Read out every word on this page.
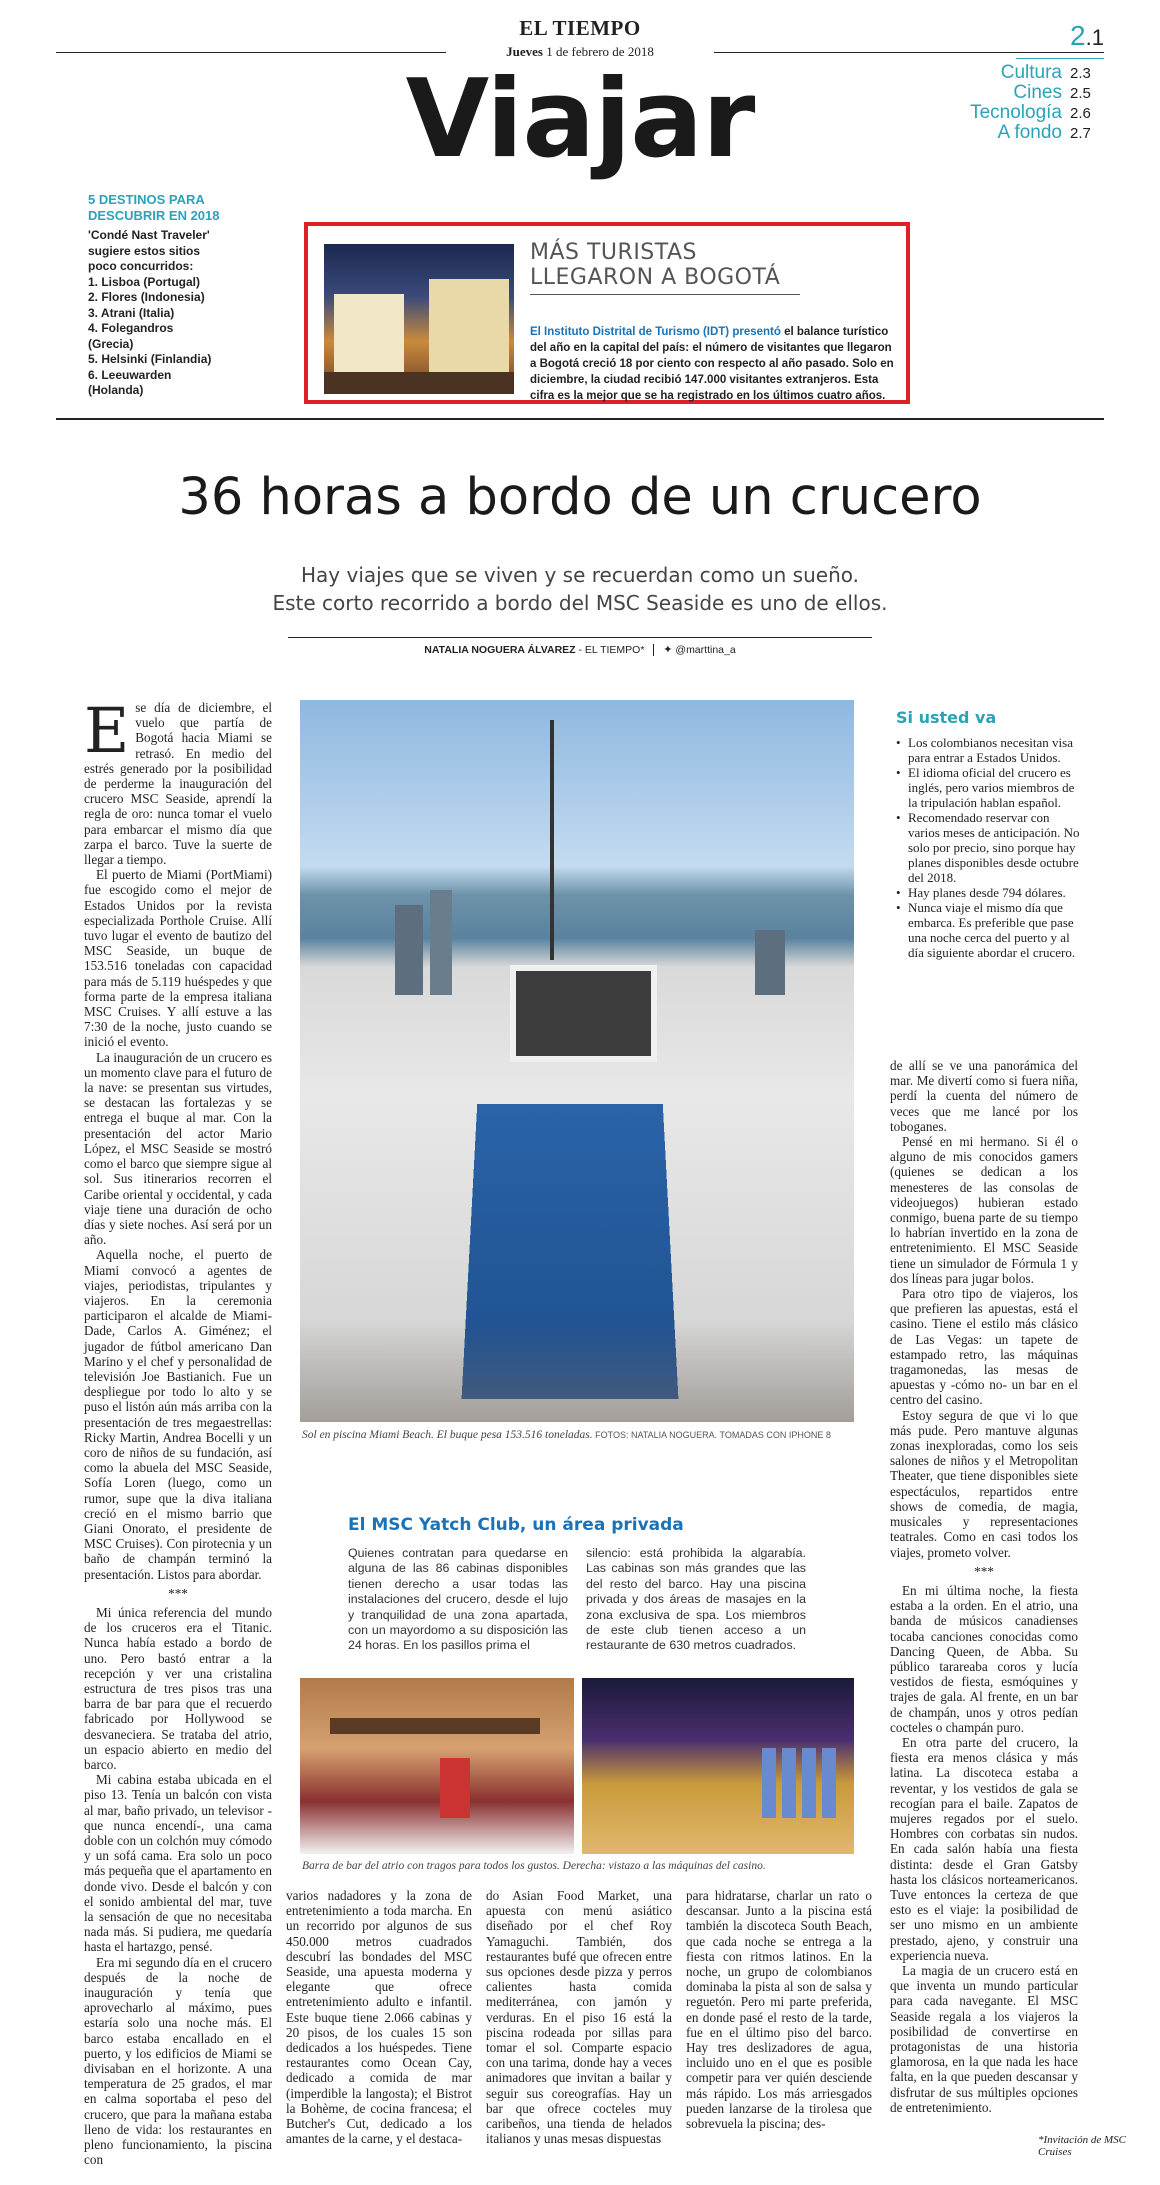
EL TIEMPO
Jueves 1 de febrero de 2018
Viajar
2.1
Cultura 2.3
Cines 2.5
Tecnología 2.6
A fondo 2.7
5 DESTINOS PARA DESCUBRIR EN 2018
'Condé Nast Traveler'
sugiere estos sitios
poco concurridos:
1. Lisboa (Portugal)
2. Flores (Indonesia)
3. Atrani (Italia)
4. Folegandros
(Grecia)
5. Helsinki (Finlandia)
6. Leeuwarden
(Holanda)
MÁS TURISTAS
LLEGARON A BOGOTÁ
El Instituto Distrital de Turismo (IDT) presentó el balance turístico del año en la capital del país: el número de visitantes que llegaron a Bogotá creció 18 por ciento con respecto al año pasado. Solo en diciembre, la ciudad recibió 147.000 visitantes extranjeros. Esta cifra es la mejor que se ha registrado en los últimos cuatro años.
36 horas a bordo de un crucero
Hay viajes que se viven y se recuerdan como un sueño.
Este corto recorrido a bordo del MSC Seaside es uno de ellos.
NATALIA NOGUERA ÁLVAREZ - EL TIEMPO* ✦ @marttina_a

Ese día de diciembre, el vuelo que partía de Bogotá hacia Miami se retrasó. En medio del estrés generado por la posibilidad de perderme la inauguración del crucero MSC Seaside, aprendí la regla de oro: nunca tomar el vuelo para embarcar el mismo día que zarpa el barco. Tuve la suerte de llegar a tiempo.

El puerto de Miami (PortMiami) fue escogido como el mejor de Estados Unidos por la revista especializada Porthole Cruise. Allí tuvo lugar el evento de bautizo del MSC Seaside, un buque de 153.516 toneladas con capacidad para más de 5.119 huéspedes y que forma parte de la empresa italiana MSC Cruises. Y allí estuve a las 7:30 de la noche, justo cuando se inició el evento.

La inauguración de un crucero es un momento clave para el futuro de la nave: se presentan sus virtudes, se destacan las fortalezas y se entrega el buque al mar. Con la presentación del actor Mario López, el MSC Seaside se mostró como el barco que siempre sigue al sol. Sus itinerarios recorren el Caribe oriental y occidental, y cada viaje tiene una duración de ocho días y siete noches. Así será por un año.

Aquella noche, el puerto de Miami convocó a agentes de viajes, periodistas, tripulantes y viajeros. En la ceremonia participaron el alcalde de Miami-Dade, Carlos A. Giménez; el jugador de fútbol americano Dan Marino y el chef y personalidad de televisión Joe Bastianich. Fue un despliegue por todo lo alto y se puso el listón aún más arriba con la presentación de tres megaestrellas: Ricky Martin, Andrea Bocelli y un coro de niños de su fundación, así como la abuela del MSC Seaside, Sofía Loren (luego, como un rumor, supe que la diva italiana creció en el mismo barrio que Giani Onorato, el presidente de MSC Cruises). Con pirotecnia y un baño de champán terminó la presentación. Listos para abordar.

***

Mi única referencia del mundo de los cruceros era el Titanic. Nunca había estado a bordo de uno. Pero bastó entrar a la recepción y ver una cristalina estructura de tres pisos tras una barra de bar para que el recuerdo fabricado por Hollywood se desvaneciera. Se trataba del atrio, un espacio abierto en medio del barco.

Mi cabina estaba ubicada en el piso 13. Tenía un balcón con vista al mar, baño privado, un televisor -que nunca encendí-, una cama doble con un colchón muy cómodo y un sofá cama. Era solo un poco más pequeña que el apartamento en donde vivo. Desde el balcón y con el sonido ambiental del mar, tuve la sensación de que no necesitaba nada más. Si pudiera, me quedaría hasta el hartazgo, pensé.

Era mi segundo día en el crucero después de la noche de inauguración y tenía que aprovecharlo al máximo, pues estaría solo una noche más. El barco estaba encallado en el puerto, y los edificios de Miami se divisaban en el horizonte. A una temperatura de 25 grados, el mar en calma soportaba el peso del crucero, que para la mañana estaba lleno de vida: los restaurantes en pleno funcionamiento, la piscina con

Sol en piscina Miami Beach. El buque pesa 153.516 toneladas. FOTOS: NATALIA NOGUERA. TOMADAS CON IPHONE 8
Si usted va
• Los colombianos necesitan visa para entrar a Estados Unidos.
• El idioma oficial del crucero es inglés, pero varios miembros de la tripulación hablan español.
• Recomendado reservar con varios meses de anticipación. No solo por precio, sino porque hay planes disponibles desde octubre del 2018.
• Hay planes desde 794 dólares.
• Nunca viaje el mismo día que embarca. Es preferible que pase una noche cerca del puerto y al día siguiente abordar el crucero.

de allí se ve una panorámica del mar. Me divertí como si fuera niña, perdí la cuenta del número de veces que me lancé por los toboganes.

Pensé en mi hermano. Si él o alguno de mis conocidos gamers (quienes se dedican a los menesteres de las consolas de videojuegos) hubieran estado conmigo, buena parte de su tiempo lo habrían invertido en la zona de entretenimiento. El MSC Seaside tiene un simulador de Fórmula 1 y dos líneas para jugar bolos.

Para otro tipo de viajeros, los que prefieren las apuestas, está el casino. Tiene el estilo más clásico de Las Vegas: un tapete de estampado retro, las máquinas tragamonedas, las mesas de apuestas y -cómo no- un bar en el centro del casino.

Estoy segura de que vi lo que más pude. Pero mantuve algunas zonas inexploradas, como los seis salones de niños y el Metropolitan Theater, que tiene disponibles siete espectáculos, repartidos entre shows de comedia, de magia, musicales y representaciones teatrales. Como en casi todos los viajes, prometo volver.

***

En mi última noche, la fiesta estaba a la orden. En el atrio, una banda de músicos canadienses tocaba canciones conocidas como Dancing Queen, de Abba. Su público tarareaba coros y lucía vestidos de fiesta, esmóquines y trajes de gala. Al frente, en un bar de champán, unos y otros pedían cocteles o champán puro.

En otra parte del crucero, la fiesta era menos clásica y más latina. La discoteca estaba a reventar, y los vestidos de gala se recogían para el baile. Zapatos de mujeres regados por el suelo. Hombres con corbatas sin nudos. En cada salón había una fiesta distinta: desde el Gran Gatsby hasta los clásicos norteamericanos. Tuve entonces la certeza de que esto es el viaje: la posibilidad de ser uno mismo en un ambiente prestado, ajeno, y construir una experiencia nueva.

La magia de un crucero está en que inventa un mundo particular para cada navegante. El MSC Seaside regala a los viajeros la posibilidad de convertirse en protagonistas de una historia glamorosa, en la que nada les hace falta, en la que pueden descansar y disfrutar de sus múltiples opciones de entretenimiento.

*Invitación de MSC Cruises
El MSC Yatch Club, un área privada
Quienes contratan para quedarse en alguna de las 86 cabinas disponibles tienen derecho a usar todas las instalaciones del crucero, desde el lujo y tranquilidad de una zona apartada, con un mayordomo a su disposición las 24 horas. En los pasillos prima el
silencio: está prohibida la algarabía. Las cabinas son más grandes que las del resto del barco. Hay una piscina privada y dos áreas de masajes en la zona exclusiva de spa. Los miembros de este club tienen acceso a un restaurante de 630 metros cuadrados.
Barra de bar del atrio con tragos para todos los gustos. Derecha: vistazo a las máquinas del casino.

varios nadadores y la zona de entretenimiento a toda marcha. En un recorrido por algunos de sus 450.000 metros cuadrados descubrí las bondades del MSC Seaside, una apuesta moderna y elegante que ofrece entretenimiento adulto e infantil. Este buque tiene 2.066 cabinas y 20 pisos, de los cuales 15 son dedicados a los huéspedes. Tiene restaurantes como Ocean Cay, dedicado a comida de mar (imperdible la langosta); el Bistrot la Bohème, de cocina francesa; el Butcher's Cut, dedicado a los amantes de la carne, y el destaca-

do Asian Food Market, una apuesta con menú asiático diseñado por el chef Roy Yamaguchi. También, dos restaurantes bufé que ofrecen entre sus opciones desde pizza y perros calientes hasta comida mediterránea, con jamón y verduras. En el piso 16 está la piscina rodeada por sillas para tomar el sol. Comparte espacio con una tarima, donde hay a veces animadores que invitan a bailar y seguir sus coreografías. Hay un bar que ofrece cocteles muy caribeños, una tienda de helados italianos y unas mesas dispuestas

para hidratarse, charlar un rato o descansar. Junto a la piscina está también la discoteca South Beach, que cada noche se entrega a la fiesta con ritmos latinos. En la noche, un grupo de colombianos dominaba la pista al son de salsa y reguetón. Pero mi parte preferida, en donde pasé el resto de la tarde, fue en el último piso del barco. Hay tres deslizadores de agua, incluido uno en el que es posible competir para ver quién desciende más rápido. Los más arriesgados pueden lanzarse de la tirolesa que sobrevuela la piscina; des-
